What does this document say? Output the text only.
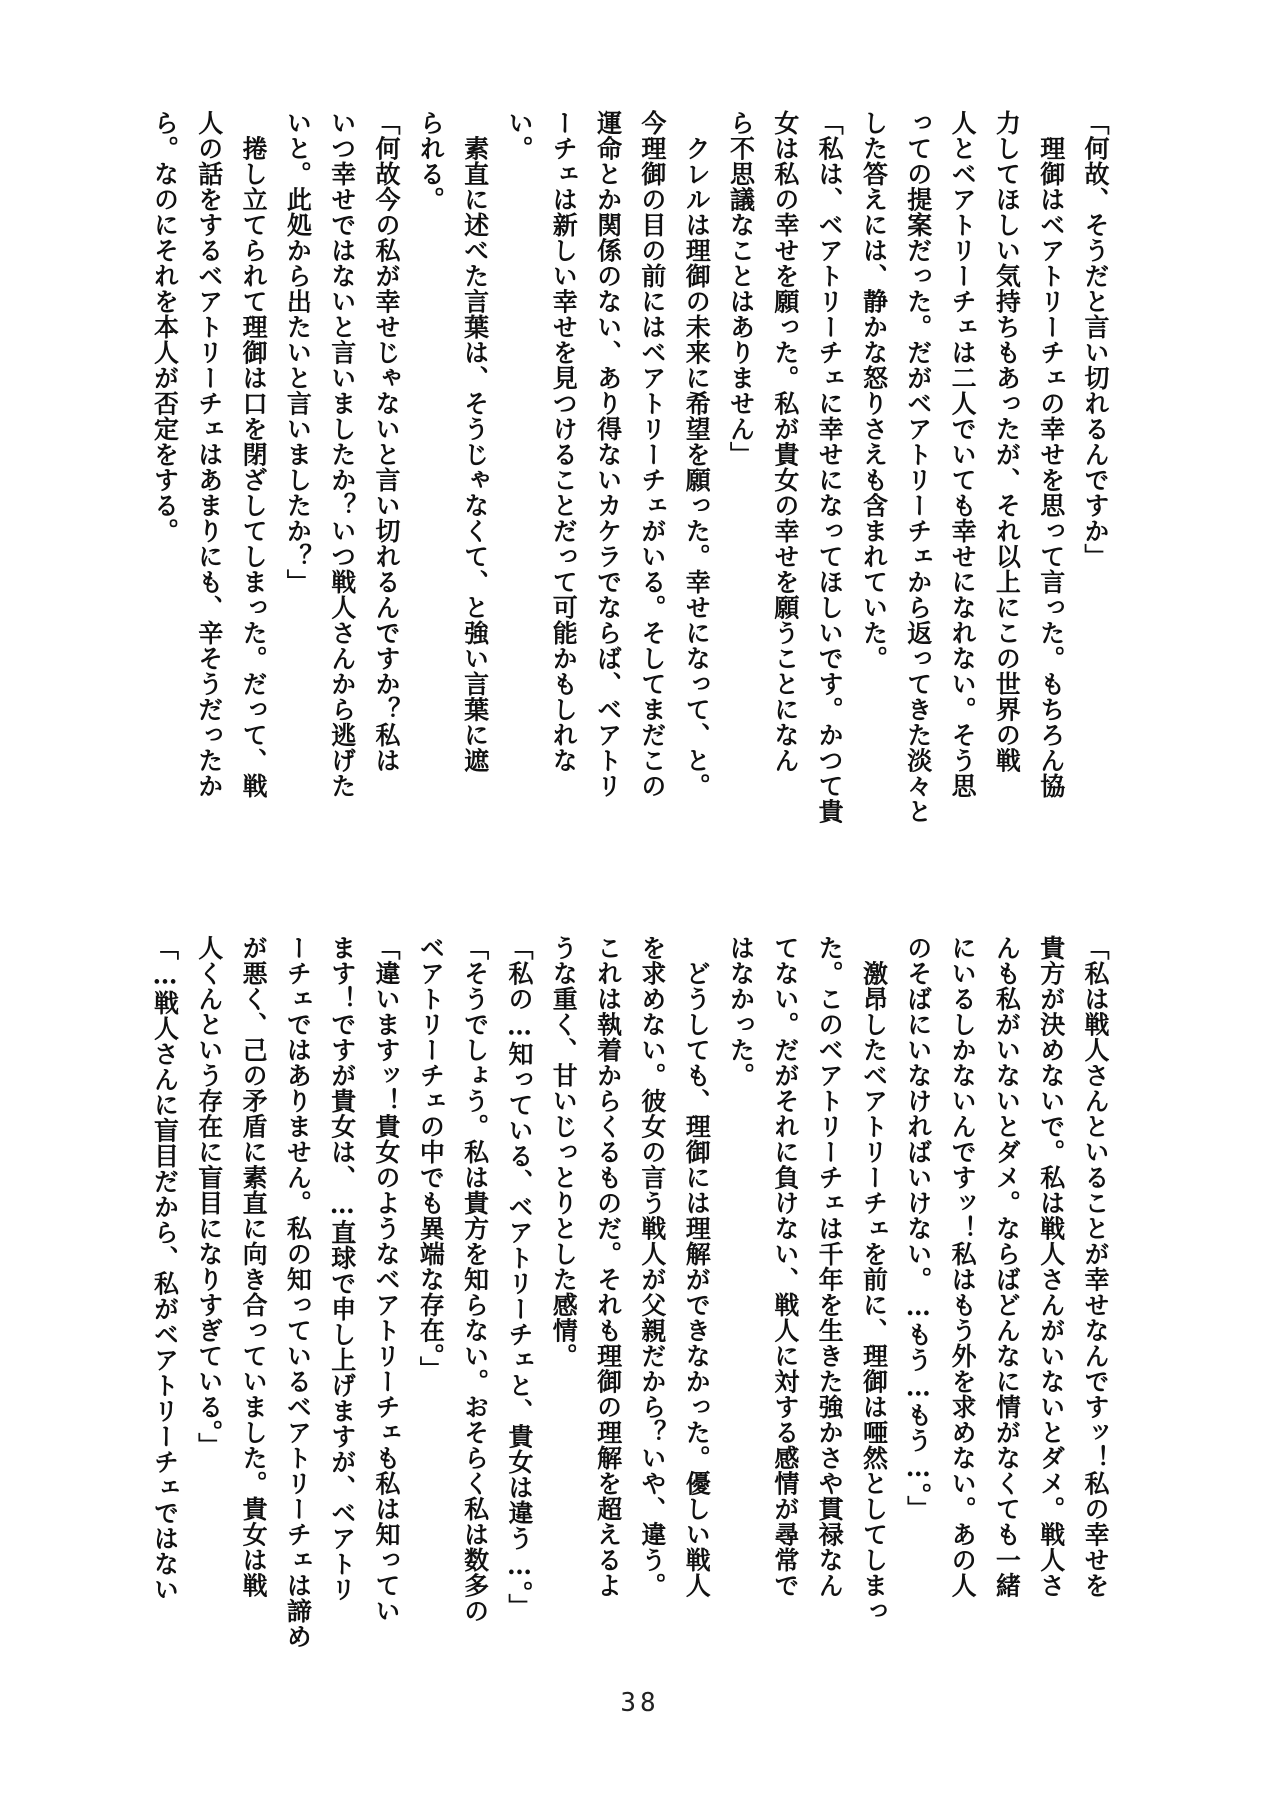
「何故、そうだと言い切れるんですか」
　理御はベアトリーチェの幸せを思って言った。もちろん協
力してほしい気持ちもあったが、それ以上にこの世界の戦
人とベアトリーチェは二人でいても幸せになれない。そう思
っての提案だった。だがベアトリーチェから返ってきた淡々と
した答えには、静かな怒りさえも含まれていた。
「私は、ベアトリーチェに幸せになってほしいです。かつて貴
女は私の幸せを願った。私が貴女の幸せを願うことになん
ら不思議なことはありません」
　クレルは理御の未来に希望を願った。幸せになって、と。
今理御の目の前にはベアトリーチェがいる。そしてまだこの
運命とか関係のない、あり得ないカケラでならば、ベアトリ
ーチェは新しい幸せを見つけることだって可能かもしれな
い。
　素直に述べた言葉は、そうじゃなくて、と強い言葉に遮
られる。
「何故今の私が幸せじゃないと言い切れるんですか？私は
いつ幸せではないと言いましたか？いつ戦人さんから逃げた
いと。此処から出たいと言いましたか？」
　捲し立てられて理御は口を閉ざしてしまった。だって、戦
人の話をするベアトリーチェはあまりにも、辛そうだったか
ら。なのにそれを本人が否定をする。
「私は戦人さんといることが幸せなんですッ！私の幸せを
貴方が決めないで。私は戦人さんがいないとダメ。戦人さ
んも私がいないとダメ。ならばどんなに情がなくても一緒
にいるしかないんですッ！私はもう外を求めない。あの人
のそばにいなければいけない。…もう…もう…。」
　激昂したベアトリーチェを前に、理御は唖然としてしまっ
た。このベアトリーチェは千年を生きた強かさや貫禄なん
てない。だがそれに負けない、戦人に対する感情が尋常で
はなかった。
　どうしても、理御には理解ができなかった。優しい戦人
を求めない。彼女の言う戦人が父親だから？いや、違う。
これは執着からくるものだ。それも理御の理解を超えるよ
うな重く、甘いじっとりとした感情。
「私の…知っている、ベアトリーチェと、貴女は違う…。」
「そうでしょう。私は貴方を知らない。おそらく私は数多の
ベアトリーチェの中でも異端な存在。」
「違いますッ！貴女のようなベアトリーチェも私は知ってい
ます！ですが貴女は、…直球で申し上げますが、ベアトリ
ーチェではありません。私の知っているベアトリーチェは諦め
が悪く、己の矛盾に素直に向き合っていました。貴女は戦
人くんという存在に盲目になりすぎている。」
「…戦人さんに盲目だから、私がベアトリーチェではない
38
